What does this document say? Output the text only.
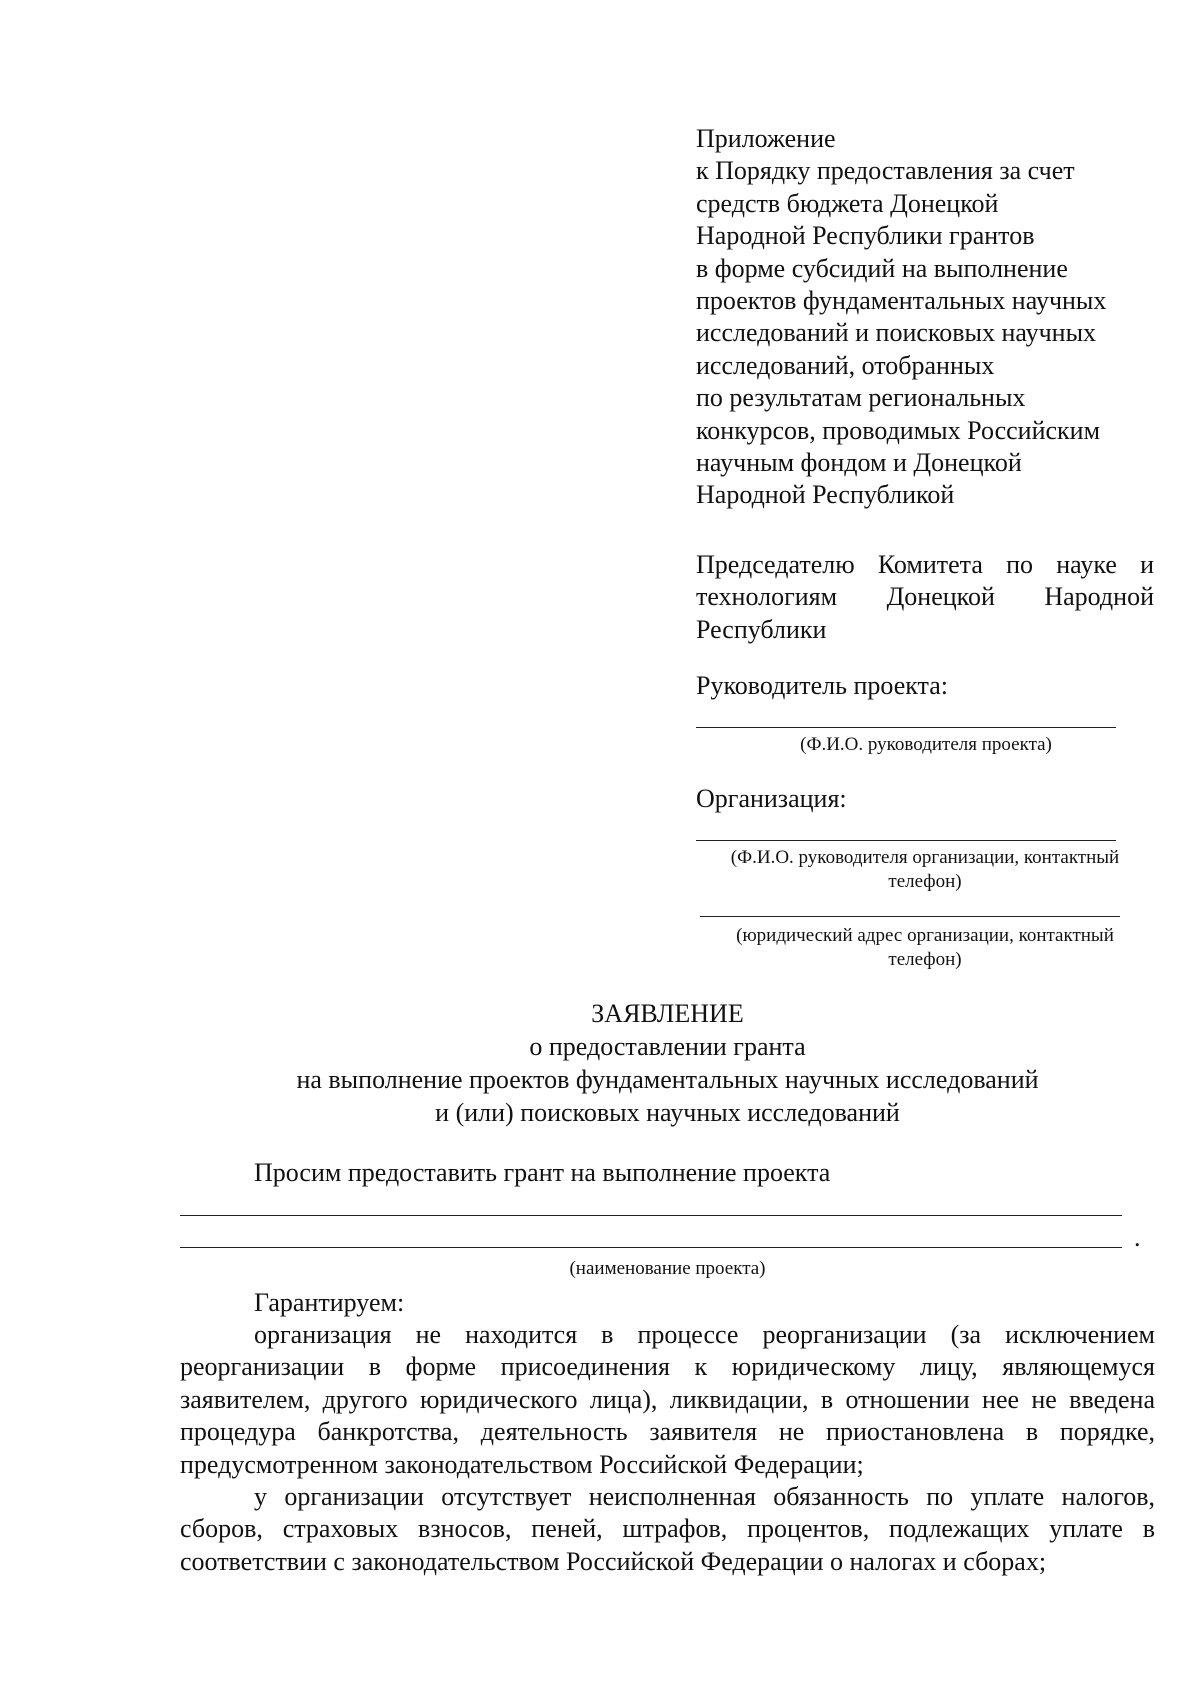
Приложение

к Порядку предоставления за счет

средств бюджета Донецкой

Народной Республики грантов

в форме субсидий на выполнение

проектов фундаментальных научных

исследований и поисковых научных

исследований, отобранных

по результатам региональных

конкурсов, проводимых Российским

научным фондом и Донецкой

Народной Республикой

Председателю Комитета по науке и технологиям Донецкой Народной Республики

Руководитель проекта:

(Ф.И.О. руководителя проекта)

Организация:

(Ф.И.О. руководителя организации, контактный

телефон)

(юридический адрес организации, контактный

телефон)

ЗАЯВЛЕНИЕ

о предоставлении гранта

на выполнение проектов фундаментальных научных исследований

и (или) поисковых научных исследований

Просим предоставить грант на выполнение проекта

.

(наименование проекта)

Гарантируем:

организация не находится в процессе реорганизации (за исключением реорганизации в форме присоединения к юридическому лицу, являющемуся заявителем, другого юридического лица), ликвидации, в отношении нее не введена процедура банкротства, деятельность заявителя не приостановлена в порядке, предусмотренном законодательством Российской Федерации;

у организации отсутствует неисполненная обязанность по уплате налогов, сборов, страховых взносов, пеней, штрафов, процентов, подлежащих уплате в соответствии с законодательством Российской Федерации о налогах и сборах;
